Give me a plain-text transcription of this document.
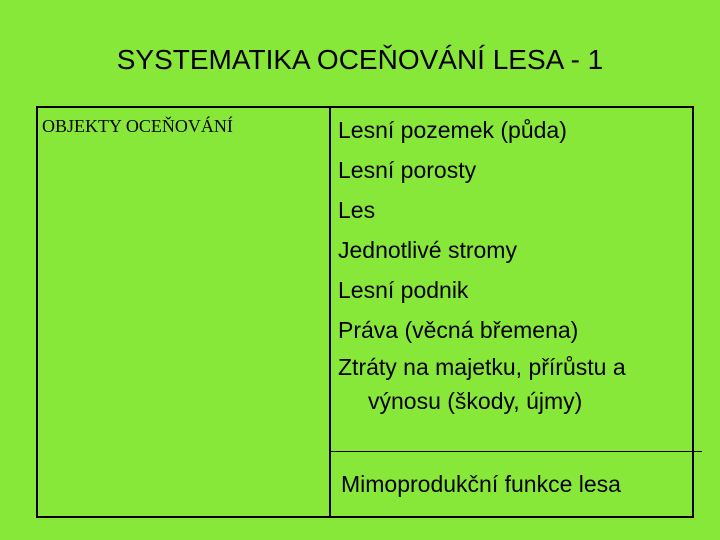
SYSTEMATIKA OCEŇOVÁNÍ LESA - 1
OBJEKTY OCEŇOVÁNÍ	Lesní pozemek (půda)
Lesní porosty
Les
Jednotlivé stromy
Lesní podnik
Práva (věcná břemena)
Ztráty na majetku, přírůstu a
výnosu (škody, újmy)
Mimoprodukční funkce lesa
